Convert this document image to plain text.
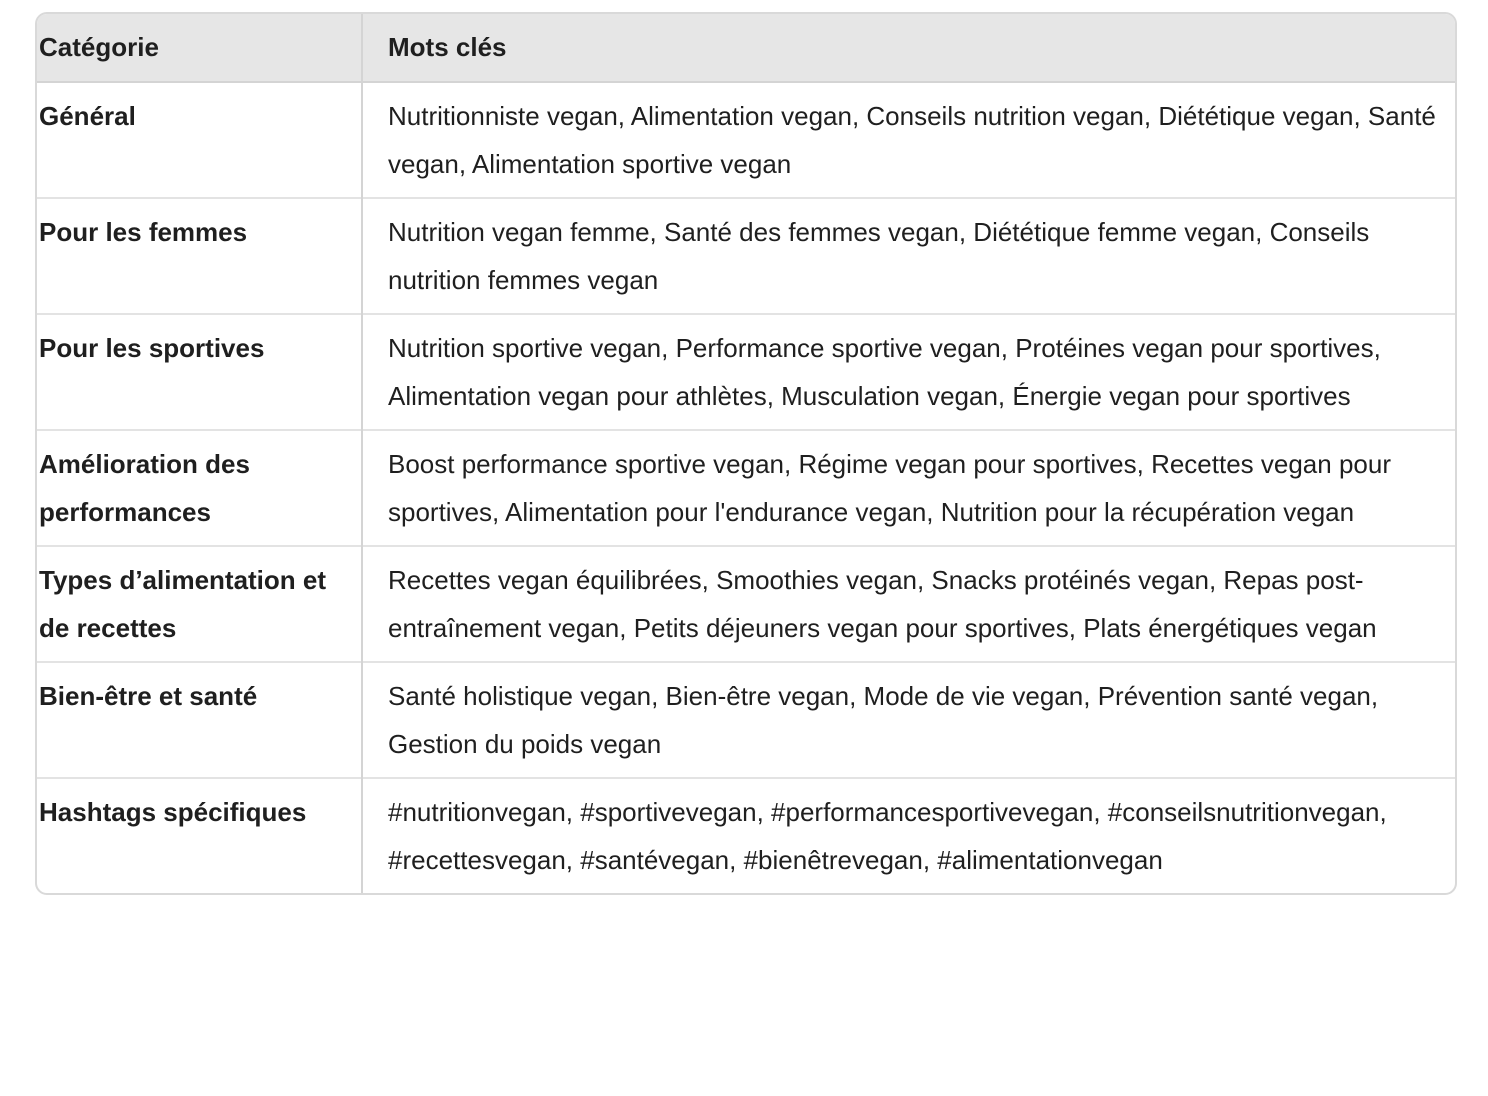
Catégorie	Mots clés
Général	Nutritionniste vegan, Alimentation vegan, Conseils nutrition vegan, Diététique vegan, Santé vegan, Alimentation sportive vegan
Pour les femmes	Nutrition vegan femme, Santé des femmes vegan, Diététique femme vegan, Conseils nutrition femmes vegan
Pour les sportives	Nutrition sportive vegan, Performance sportive vegan, Protéines vegan pour sportives, Alimentation vegan pour athlètes, Musculation vegan, Énergie vegan pour sportives
Amélioration des performances	Boost performance sportive vegan, Régime vegan pour sportives, Recettes vegan pour sportives, Alimentation pour l'endurance vegan, Nutrition pour la récupération vegan
Types d’alimentation et de recettes	Recettes vegan équilibrées, Smoothies vegan, Snacks protéinés vegan, Repas post-entraînement vegan, Petits déjeuners vegan pour sportives, Plats énergétiques vegan
Bien-être et santé	Santé holistique vegan, Bien-être vegan, Mode de vie vegan, Prévention santé vegan, Gestion du poids vegan
Hashtags spécifiques	#nutritionvegan, #sportivevegan, #performancesportivevegan, #conseilsnutritionvegan, #recettesvegan, #santévegan, #bienêtrevegan, #alimentationvegan
